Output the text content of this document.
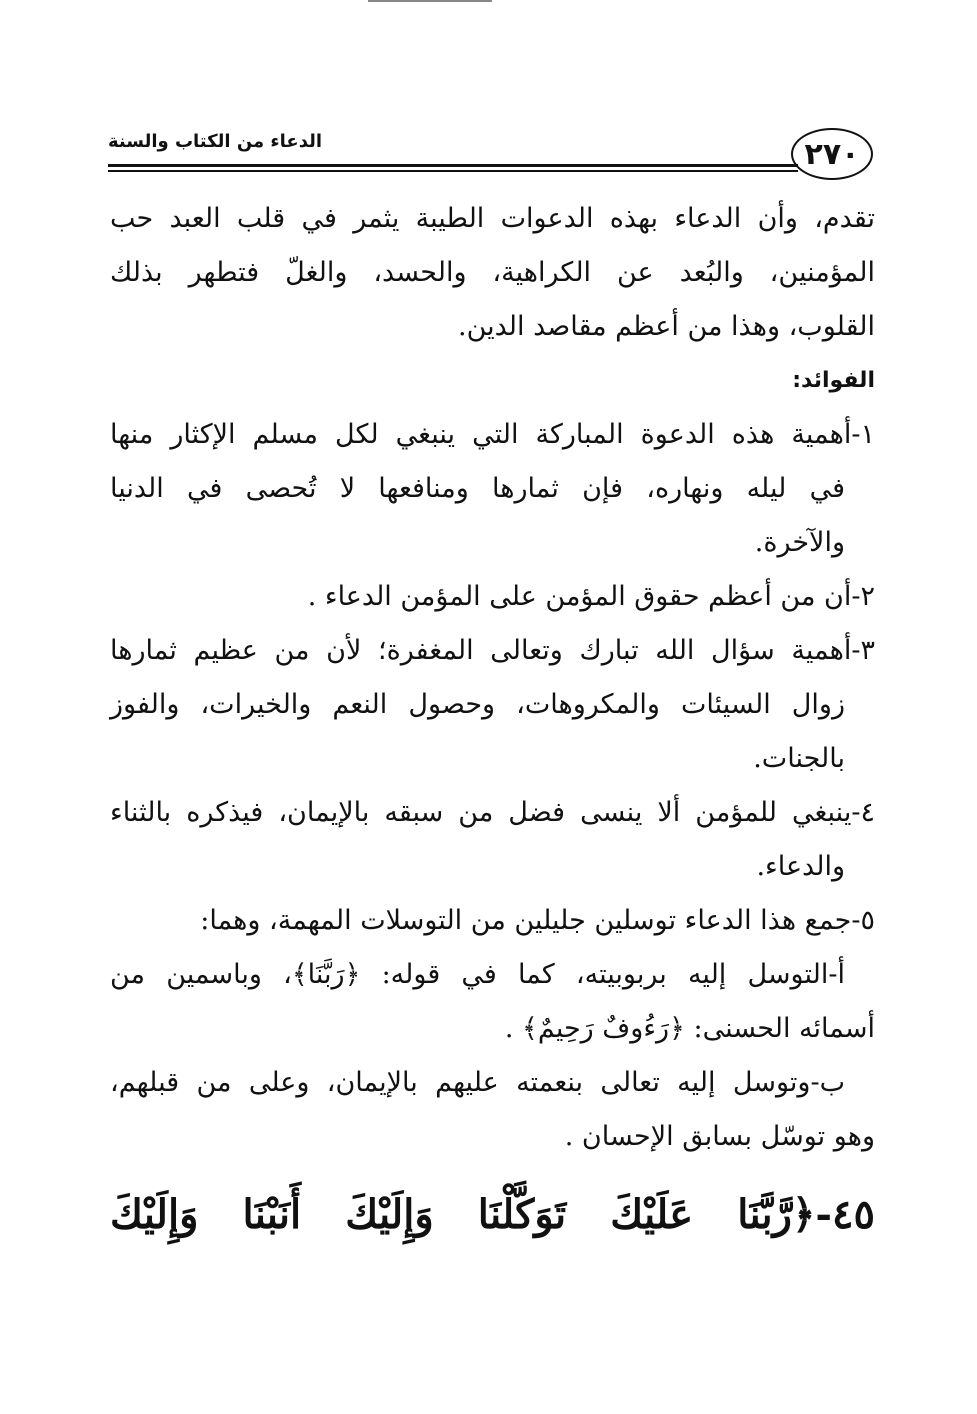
٢٧٠
الدعاء من الكتاب والسنة

تقدم، وأن الدعاء بهذه الدعوات الطيبة يثمر في قلب العبد حب

المؤمنين، والبُعد عن الكراهية، والحسد، والغلّ فتطهر بذلك

القلوب، وهذا من أعظم مقاصد الدين.

الفوائد:

١-أهمية هذه الدعوة المباركة التي ينبغي لكل مسلم الإكثار منها

في ليله ونهاره، فإن ثمارها ومنافعها لا تُحصى في الدنيا

والآخرة.

٢-أن من أعظم حقوق المؤمن على المؤمن الدعاء .

٣-أهمية سؤال الله تبارك وتعالى المغفرة؛ لأن من عظيم ثمارها

زوال السيئات والمكروهات، وحصول النعم والخيرات، والفوز

بالجنات.

٤-ينبغي للمؤمن ألا ينسى فضل من سبقه بالإيمان، فيذكره بالثناء

والدعاء.

٥-جمع هذا الدعاء توسلين جليلين من التوسلات المهمة، وهما:

أ-التوسل إليه بربوبيته، كما في قوله: ﴿رَبَّنَا﴾، وباسمين من

أسمائه الحسنى: ﴿رَءُوفٌ رَحِيمٌ﴾ .

ب-وتوسل إليه تعالى بنعمته عليهم بالإيمان، وعلى من قبلهم،

وهو توسّل بسابق الإحسان .

٤٥-﴿رَّبَّنَا عَلَيْكَ تَوَكَّلْنَا وَإِلَيْكَ أَنَبْنَا وَإِلَيْكَ
